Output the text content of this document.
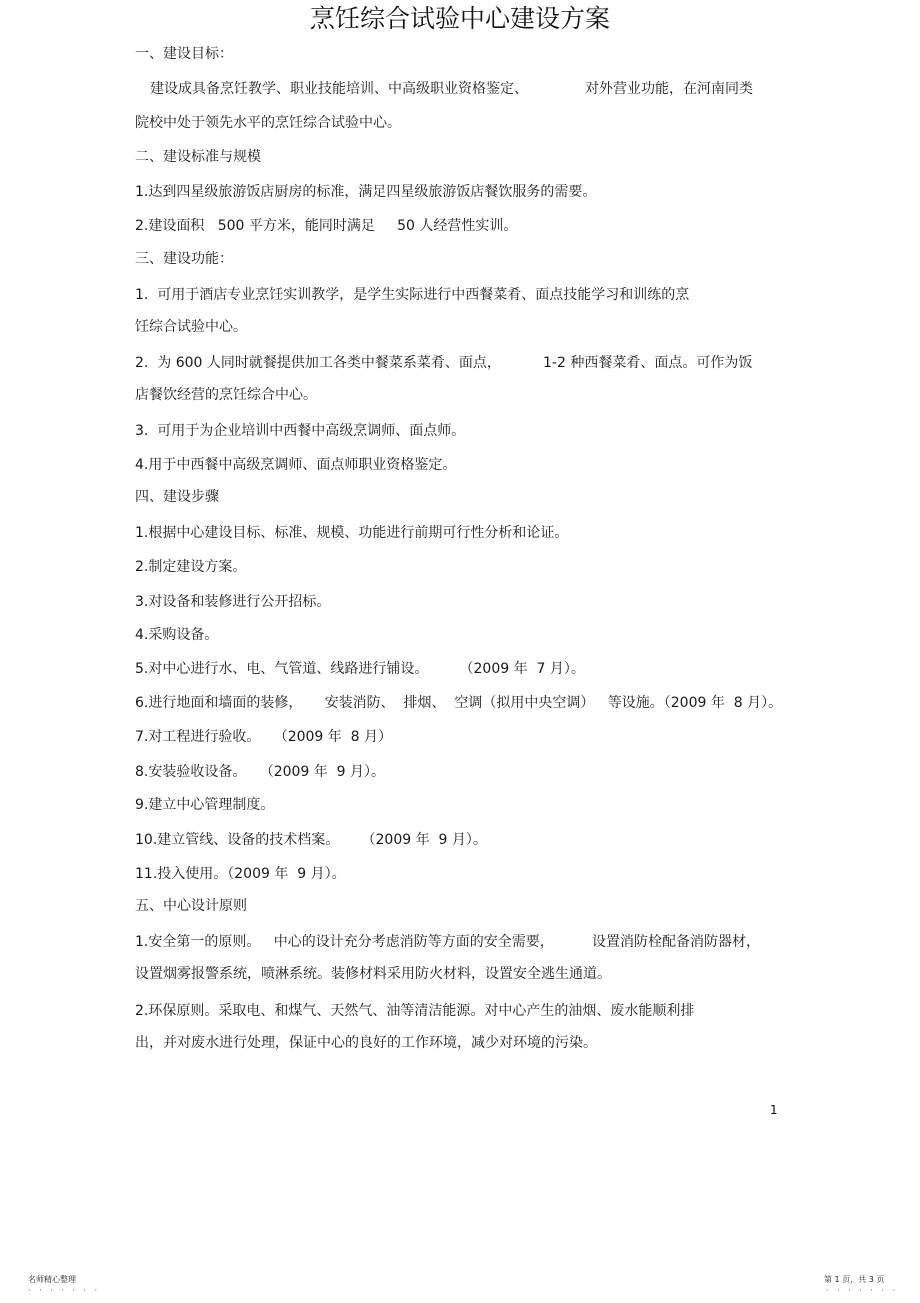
烹饪综合试验中心建设方案
一、建设目标：
建设成具备烹饪教学、职业技能培训、中高级职业资格鉴定、	对外营业功能，在河南同类
院校中处于领先水平的烹饪综合试验中心。
二、建设标准与规模
1.达到四星级旅游饭店厨房的标准，满足四星级旅游饭店餐饮服务的需要。
2.建设面积   500 平方米，能同时满足     50 人经营性实训。
三、建设功能：
1.  可用于酒店专业烹饪实训教学，是学生实际进行中西餐菜肴、面点技能学习和训练的烹
饪综合试验中心。
2.  为 600 人同时就餐提供加工各类中餐菜系菜肴、面点，	1-2 种西餐菜肴、面点。可作为饭
店餐饮经营的烹饪综合中心。
3.  可用于为企业培训中西餐中高级烹调师、面点师。
4.用于中西餐中高级烹调师、面点师职业资格鉴定。
四、建设步骤
1.根据中心建设目标、标准、规模、功能进行前期可行性分析和论证。
2.制定建设方案。
3.对设备和装修进行公开招标。
4.采购设备。
5.对中心进行水、电、气管道、线路进行铺设。       （2009 年  7 月）。
6.进行地面和墙面的装修，     安装消防、  排烟、  空调（拟用中央空调）   等设施。（2009 年  8 月）。
7.对工程进行验收。   （2009 年  8 月）
8.安装验收设备。   （2009 年  9 月）。
9.建立中心管理制度。
10.建立管线、设备的技术档案。     （2009 年  9 月）。
11.投入使用。（2009 年  9 月）。
五、中心设计原则
1.安全第一的原则。   中心的设计充分考虑消防等方面的安全需要，	设置消防栓配备消防器材，
设置烟雾报警系统，喷淋系统。装修材料采用防火材料，设置安全逃生通道。
2.环保原则。采取电、和煤气、天然气、油等清洁能源。对中心产生的油烟、废水能顺利排
出，并对废水进行处理，保证中心的良好的工作环境，减少对环境的污染。
1
名师精心整理
· · · · · · ·
第 1 页，共 3 页
· · · · · · ·
